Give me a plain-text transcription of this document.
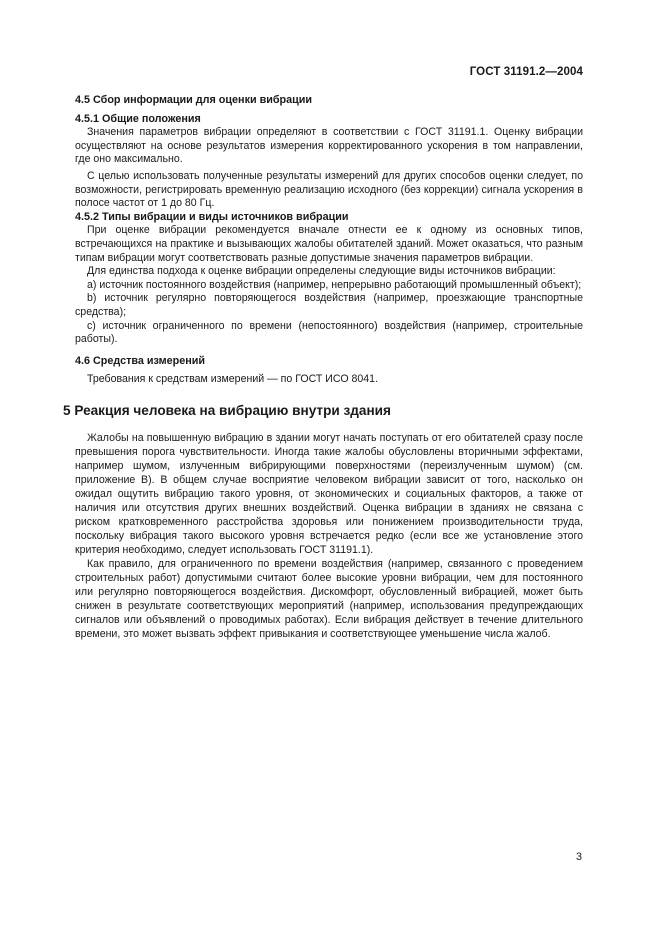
ГОСТ 31191.2—2004
4.5 Сбор информации для оценки вибрации
4.5.1 Общие положения

Значения параметров вибрации определяют в соответствии с ГОСТ 31191.1. Оценку вибрации осуществляют на основе результатов измерения корректированного ускорения в том направлении, где оно максимально.

С целью использовать полученные результаты измерений для других способов оценки следует, по возможности, регистрировать временную реализацию исходного (без коррекции) сигнала ускорения в полосе частот от 1 до 80 Гц.

4.5.2 Типы вибрации и виды источников вибрации

При оценке вибрации рекомендуется вначале отнести ее к одному из основных типов, встречающихся на практике и вызывающих жалобы обитателей зданий. Может оказаться, что разным типам вибрации могут соответствовать разные допустимые значения параметров вибрации.

Для единства подхода к оценке вибрации определены следующие виды источников вибрации:

a) источник постоянного воздействия (например, непрерывно работающий промышленный объект);

b) источник регулярно повторяющегося воздействия (например, проезжающие транспортные средства);

c) источник ограниченного по времени (непостоянного) воздействия (например, строительные работы).

4.6 Средства измерений

Требования к средствам измерений — по ГОСТ ИСО 8041.

5 Реакция человека на вибрацию внутри здания

Жалобы на повышенную вибрацию в здании могут начать поступать от его обитателей сразу после превышения порога чувствительности. Иногда такие жалобы обусловлены вторичными эффектами, например шумом, излученным вибрирующими поверхностями (переизлученным шумом) (см. приложение В). В общем случае восприятие человеком вибрации зависит от того, насколько он ожидал ощутить вибрацию такого уровня, от экономических и социальных факторов, а также от наличия или отсутствия других внешних воздействий. Оценка вибрации в зданиях не связана с риском кратковременного расстройства здоровья или понижением производительности труда, поскольку вибрация такого высокого уровня встречается редко (если все же установление этого критерия необходимо, следует использовать ГОСТ 31191.1).

Как правило, для ограниченного по времени воздействия (например, связанного с проведением строительных работ) допустимыми считают более высокие уровни вибрации, чем для постоянного или регулярно повторяющегося воздействия. Дискомфорт, обусловленный вибрацией, может быть снижен в результате соответствующих мероприятий (например, использования предупреждающих сигналов или объявлений о проводимых работах). Если вибрация действует в течение длительного времени, это может вызвать эффект привыкания и соответствующее уменьшение числа жалоб.

3
